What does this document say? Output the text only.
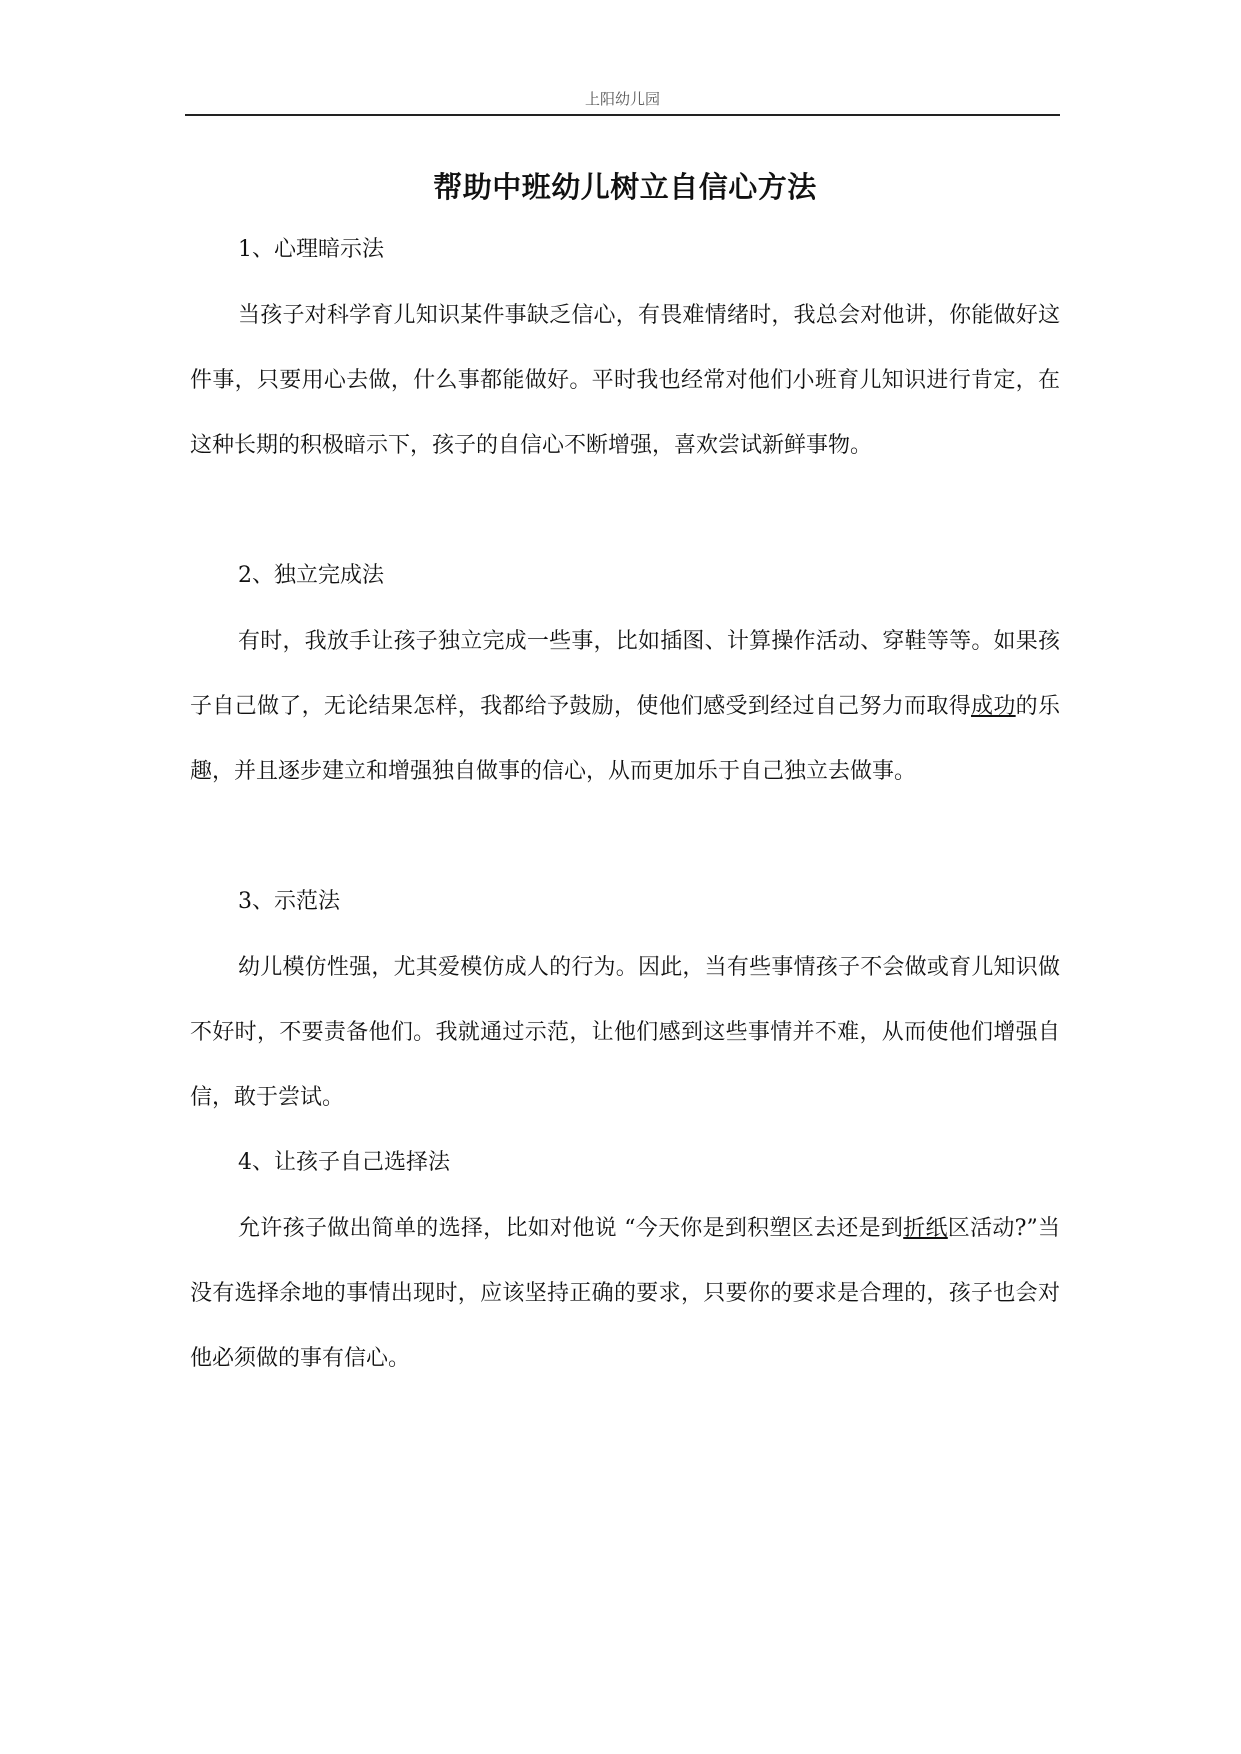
上阳幼儿园
帮助中班幼儿树立自信心方法
1、心理暗示法
当孩子对科学育儿知识某件事缺乏信心，有畏难情绪时，我总会对他讲，你能做好这件事，只要用心去做，什么事都能做好。平时我也经常对他们小班育儿知识进行肯定，在这种长期的积极暗示下，孩子的自信心不断增强，喜欢尝试新鲜事物。
2、独立完成法
有时，我放手让孩子独立完成一些事，比如插图、计算操作活动、穿鞋等等。如果孩子自己做了，无论结果怎样，我都给予鼓励，使他们感受到经过自己努力而取得成功的乐趣，并且逐步建立和增强独自做事的信心，从而更加乐于自己独立去做事。
3、示范法
幼儿模仿性强，尤其爱模仿成人的行为。因此，当有些事情孩子不会做或育儿知识做不好时，不要责备他们。我就通过示范，让他们感到这些事情并不难，从而使他们增强自信，敢于尝试。
4、让孩子自己选择法
允许孩子做出简单的选择，比如对他说 “今天你是到积塑区去还是到折纸区活动?”当没有选择余地的事情出现时，应该坚持正确的要求，只要你的要求是合理的，孩子也会对他必须做的事有信心。
